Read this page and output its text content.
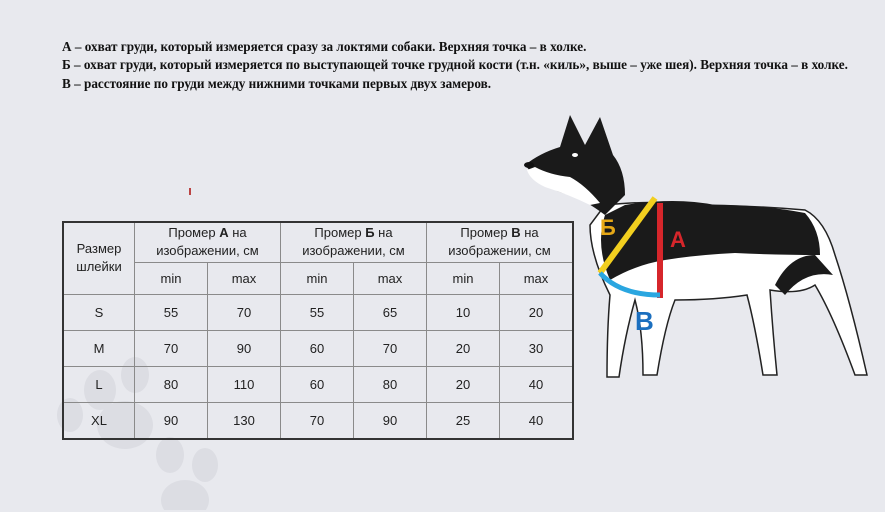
А – охват груди, который измеряется сразу за локтями собаки. Верхняя точка – в холке.

Б – охват груди, который измеряется по выступающей точке грудной кости (т.н. «киль», выше – уже шея). Верхняя точка – в холке.

В – расстояние по груди между нижними точками первых двух замеров.

Размер шлейки	Промер А на изображении, см		Промер Б на изображении, см		Промер В на изображении, см	
	min	max	min	max	min	max
S	55	70	55	65	10	20
M	70	90	60	70	20	30
L	80	110	60	80	20	40
XL	90	130	70	90	25	40
Б А
В
